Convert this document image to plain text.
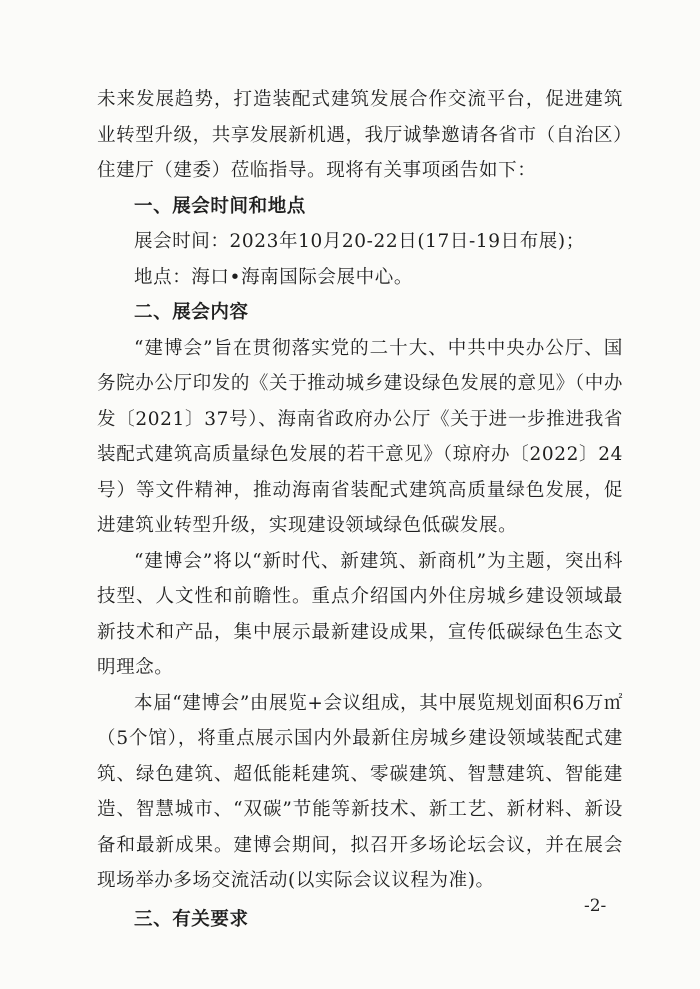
未来发展趋势，打造装配式建筑发展合作交流平台，促进建筑业转型升级，共享发展新机遇，我厅诚挚邀请各省市（自治区）住建厅（建委）莅临指导。现将有关事项函告如下：

一、展会时间和地点

展会时间：2023年10月20-22日(17日-19日布展)；

地点：海口•海南国际会展中心。

二、展会内容

“建博会”旨在贯彻落实党的二十大、中共中央办公厅、国务院办公厅印发的《关于推动城乡建设绿色发展的意见》（中办发〔2021〕37号）、海南省政府办公厅《关于进一步推进我省装配式建筑高质量绿色发展的若干意见》（琼府办〔2022〕24号）等文件精神，推动海南省装配式建筑高质量绿色发展，促进建筑业转型升级，实现建设领域绿色低碳发展。

“建博会”将以“新时代、新建筑、新商机”为主题，突出科技型、人文性和前瞻性。重点介绍国内外住房城乡建设领域最新技术和产品，集中展示最新建设成果，宣传低碳绿色生态文明理念。

本届“建博会”由展览+会议组成，其中展览规划面积6万㎡（5个馆），将重点展示国内外最新住房城乡建设领域装配式建筑、绿色建筑、超低能耗建筑、零碳建筑、智慧建筑、智能建造、智慧城市、“双碳”节能等新技术、新工艺、新材料、新设备和最新成果。建博会期间，拟召开多场论坛会议，并在展会现场举办多场交流活动(以实际会议议程为准)。

三、有关要求

-2-
